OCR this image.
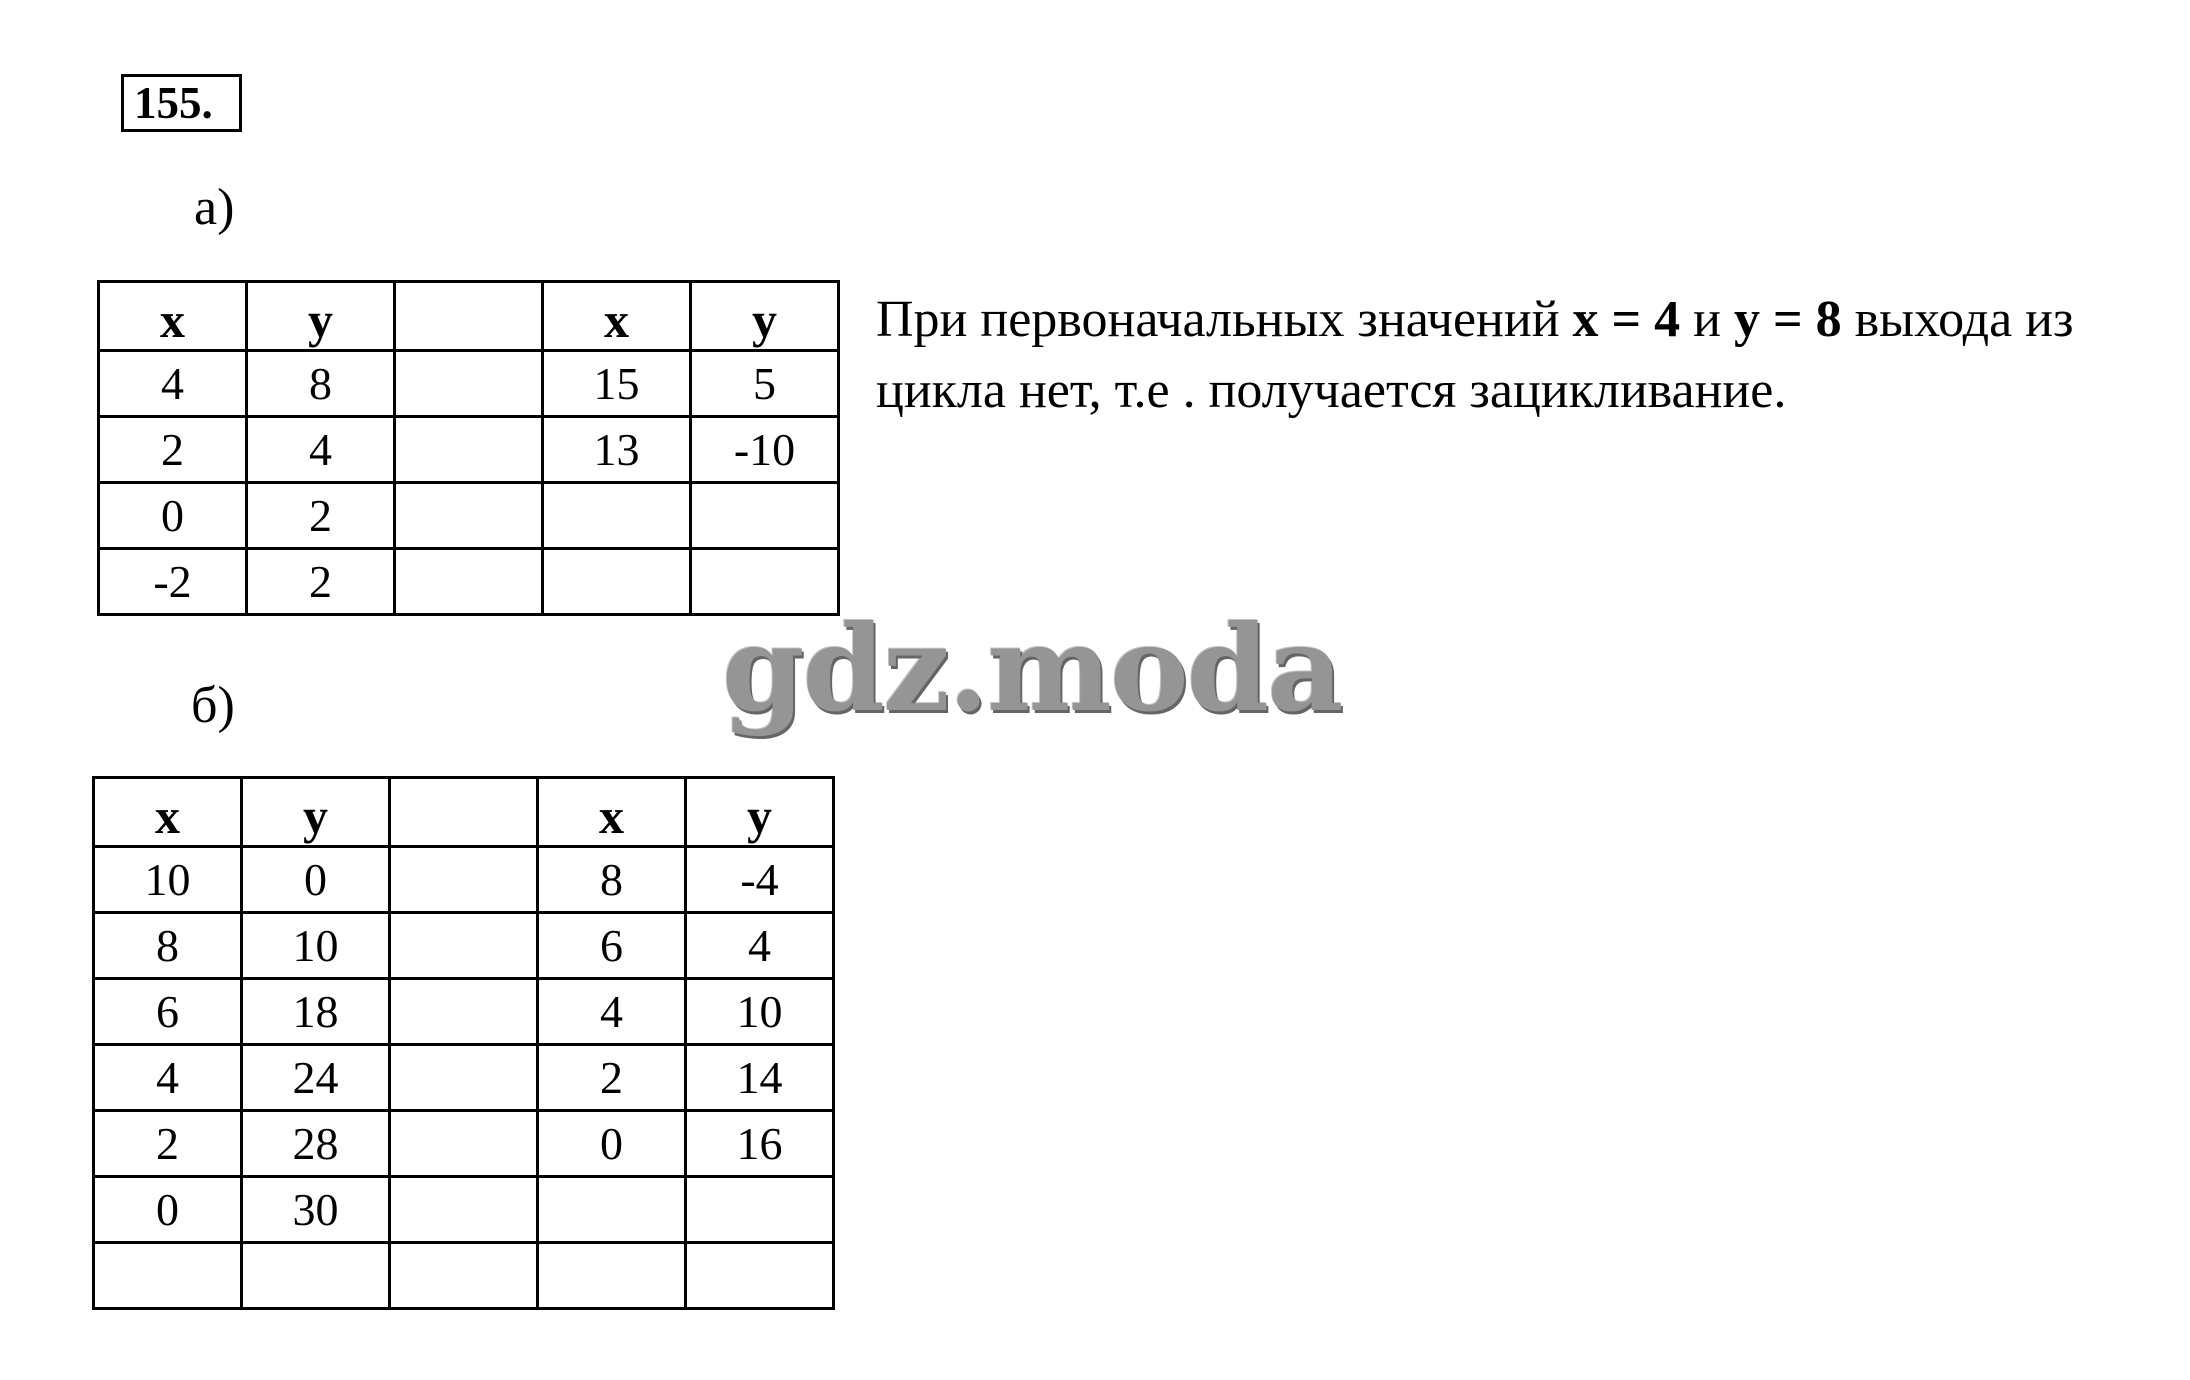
155.
а)
x	y		x	y
4	8		15	5
2	4		13	-10
0	2			
-2	2			
При первоначальных значений x = 4 и y = 8 выхода из цикла нет, т.е . получается зацикливание.
gdz.moda
б)
x	y		x	y
10	0		8	-4
8	10		6	4
6	18		4	10
4	24		2	14
2	28		0	16
0	30			
